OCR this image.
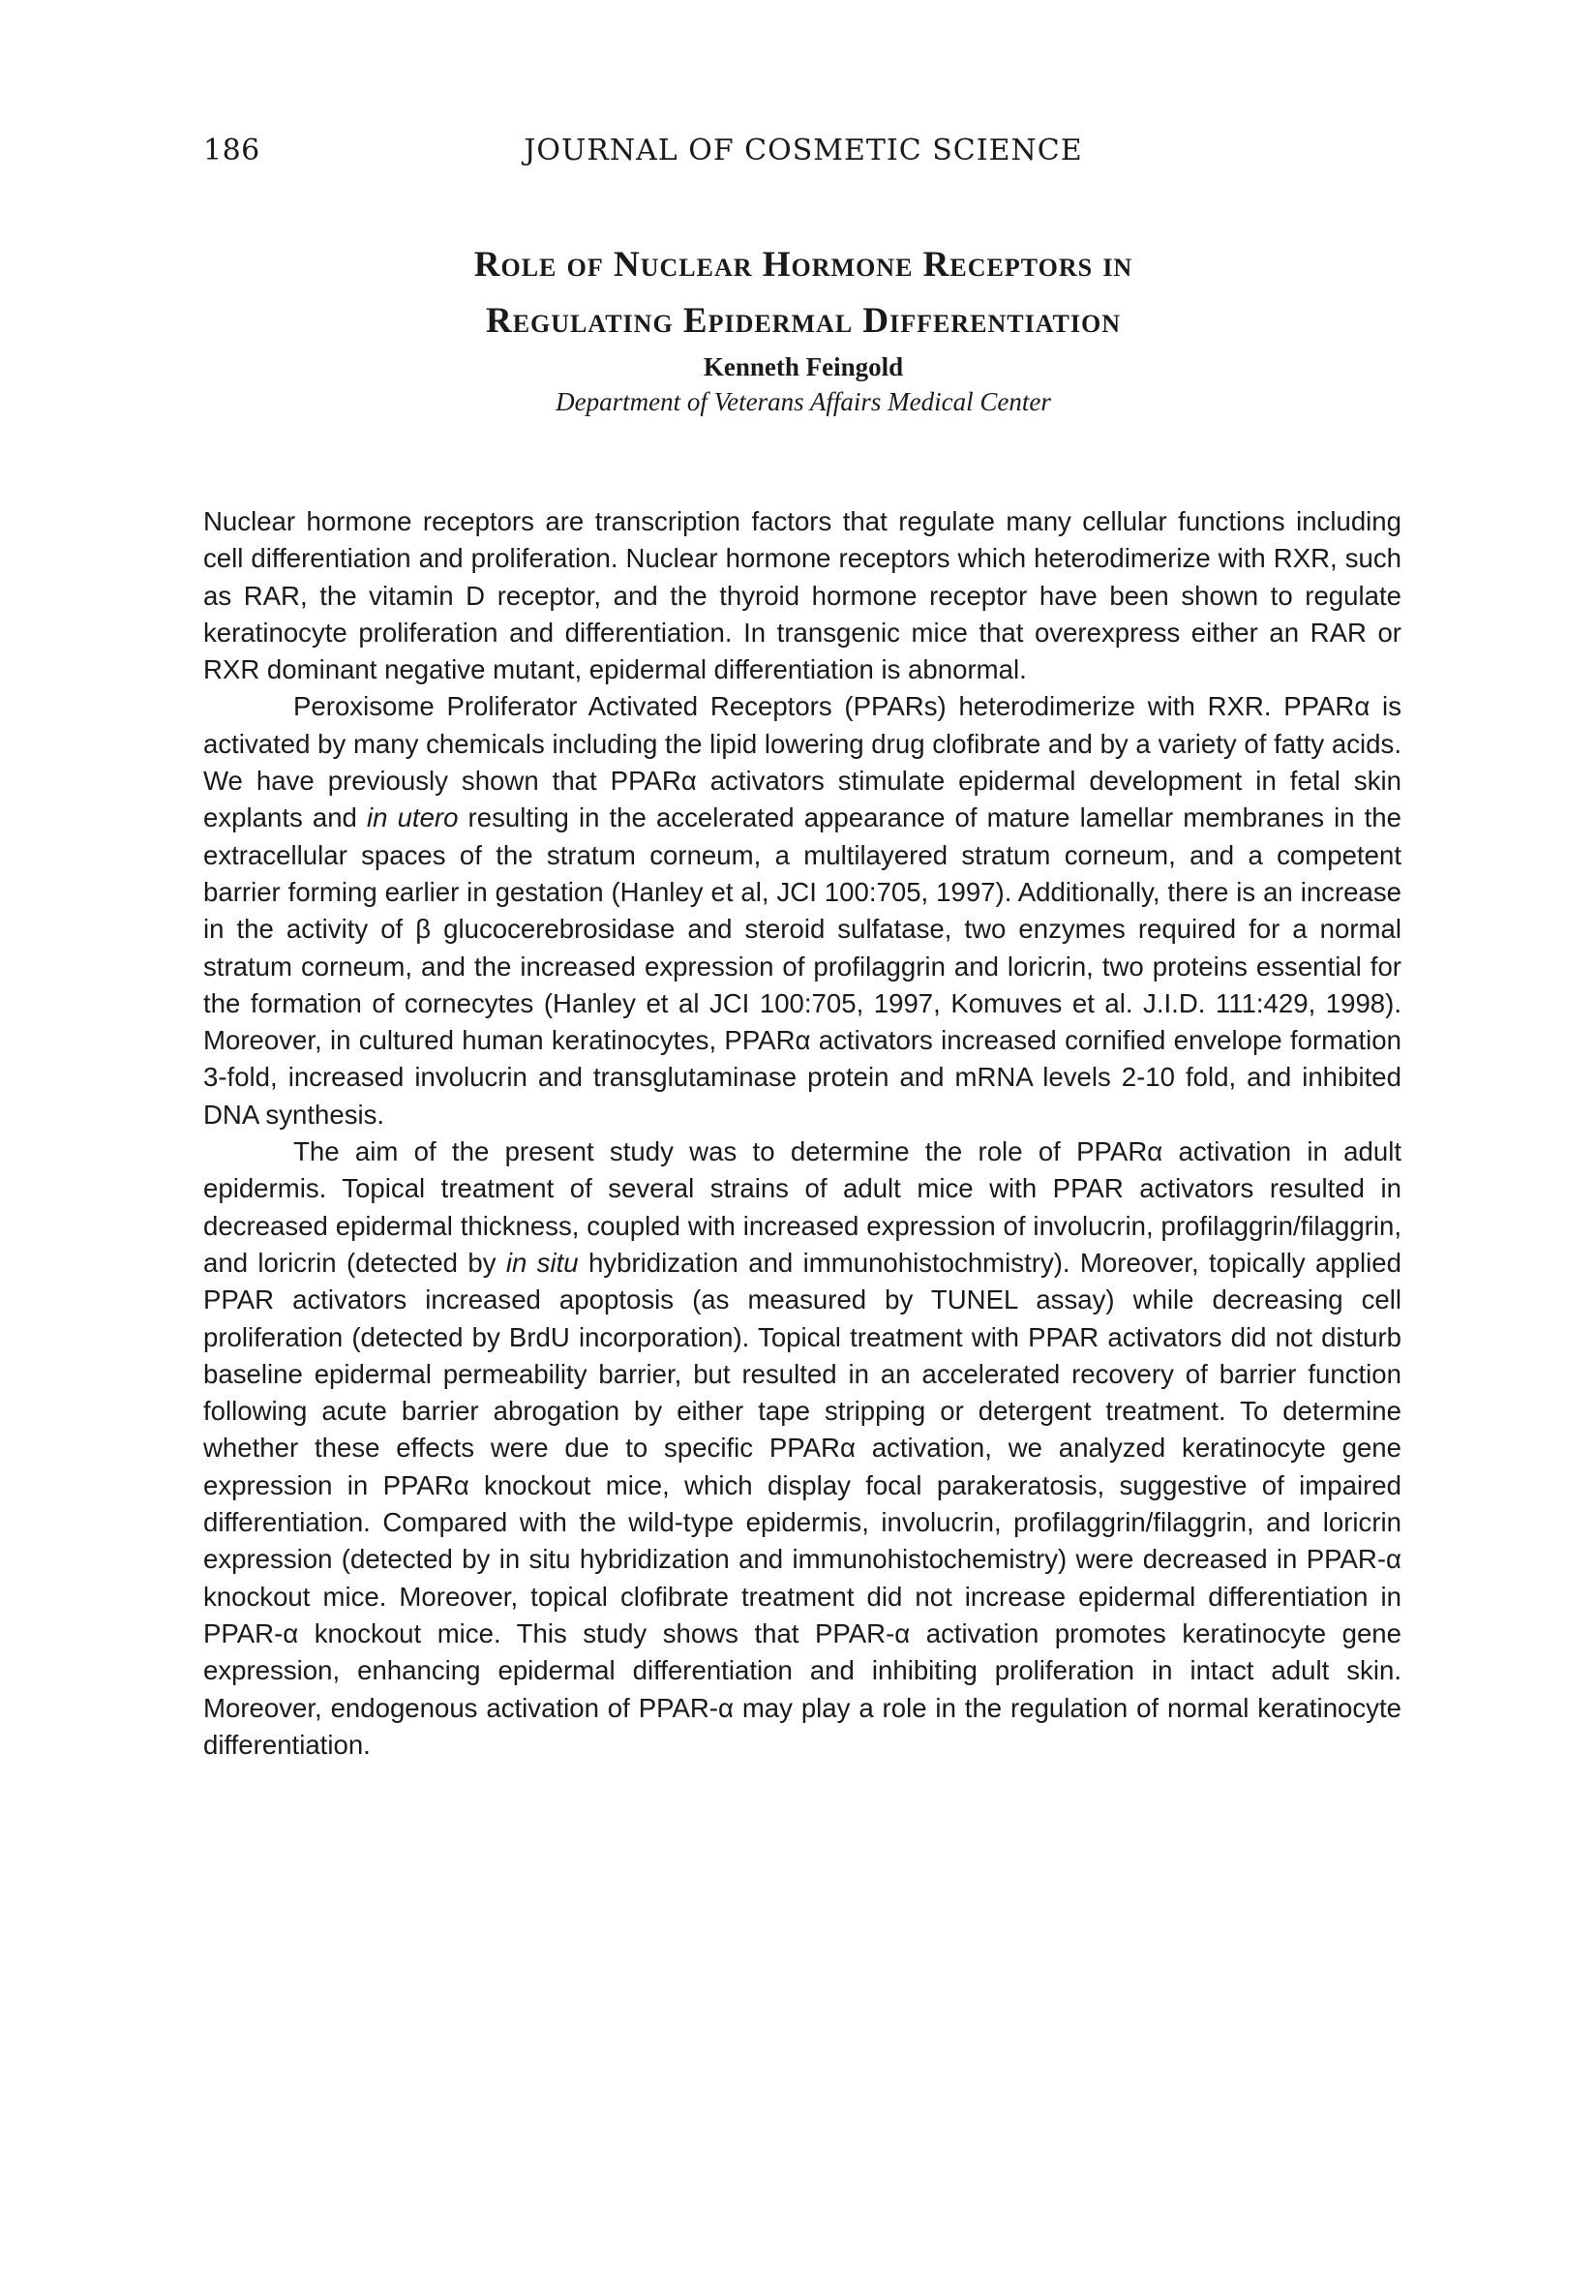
186	JOURNAL OF COSMETIC SCIENCE
Role of Nuclear Hormone Receptors in
Regulating Epidermal Differentiation
Kenneth Feingold
Department of Veterans Affairs Medical Center

Nuclear hormone receptors are transcription factors that regulate many cellular functions including cell differentiation and proliferation. Nuclear hormone receptors which heterodimerize with RXR, such as RAR, the vitamin D receptor, and the thyroid hormone receptor have been shown to regulate keratinocyte proliferation and differentiation. In transgenic mice that overexpress either an RAR or RXR dominant negative mutant, epidermal differentiation is abnormal.

Peroxisome Proliferator Activated Receptors (PPARs) heterodimerize with RXR. PPARα is activated by many chemicals including the lipid lowering drug clofibrate and by a variety of fatty acids. We have previously shown that PPARα activators stimulate epidermal development in fetal skin explants and in utero resulting in the accelerated appearance of mature lamellar membranes in the extracellular spaces of the stratum corneum, a multilayered stratum corneum, and a competent barrier forming earlier in gestation (Hanley et al, JCI 100:705, 1997). Additionally, there is an increase in the activity of β glucocerebrosidase and steroid sulfatase, two enzymes required for a normal stratum corneum, and the increased expression of profilaggrin and loricrin, two proteins essential for the formation of cornecytes (Hanley et al JCI 100:705, 1997, Komuves et al. J.I.D. 111:429, 1998). Moreover, in cultured human keratinocytes, PPARα activators increased cornified envelope formation 3-fold, increased involucrin and transglutaminase protein and mRNA levels 2-10 fold, and inhibited DNA synthesis.

The aim of the present study was to determine the role of PPARα activation in adult epidermis. Topical treatment of several strains of adult mice with PPAR activators resulted in decreased epidermal thickness, coupled with increased expression of involucrin, profilaggrin/filaggrin, and loricrin (detected by in situ hybridization and immunohistochmistry). Moreover, topically applied PPAR activators increased apoptosis (as measured by TUNEL assay) while decreasing cell proliferation (detected by BrdU incorporation). Topical treatment with PPAR activators did not disturb baseline epidermal permeability barrier, but resulted in an accelerated recovery of barrier function following acute barrier abrogation by either tape stripping or detergent treatment. To determine whether these effects were due to specific PPARα activation, we analyzed keratinocyte gene expression in PPARα knockout mice, which display focal parakeratosis, suggestive of impaired differentiation. Compared with the wild-type epidermis, involucrin, profilaggrin/filaggrin, and loricrin expression (detected by in situ hybridization and immunohistochemistry) were decreased in PPAR-α knockout mice. Moreover, topical clofibrate treatment did not increase epidermal differentiation in PPAR-α knockout mice. This study shows that PPAR-α activation promotes keratinocyte gene expression, enhancing epidermal differentiation and inhibiting proliferation in intact adult skin. Moreover, endogenous activation of PPAR-α may play a role in the regulation of normal keratinocyte differentiation.
